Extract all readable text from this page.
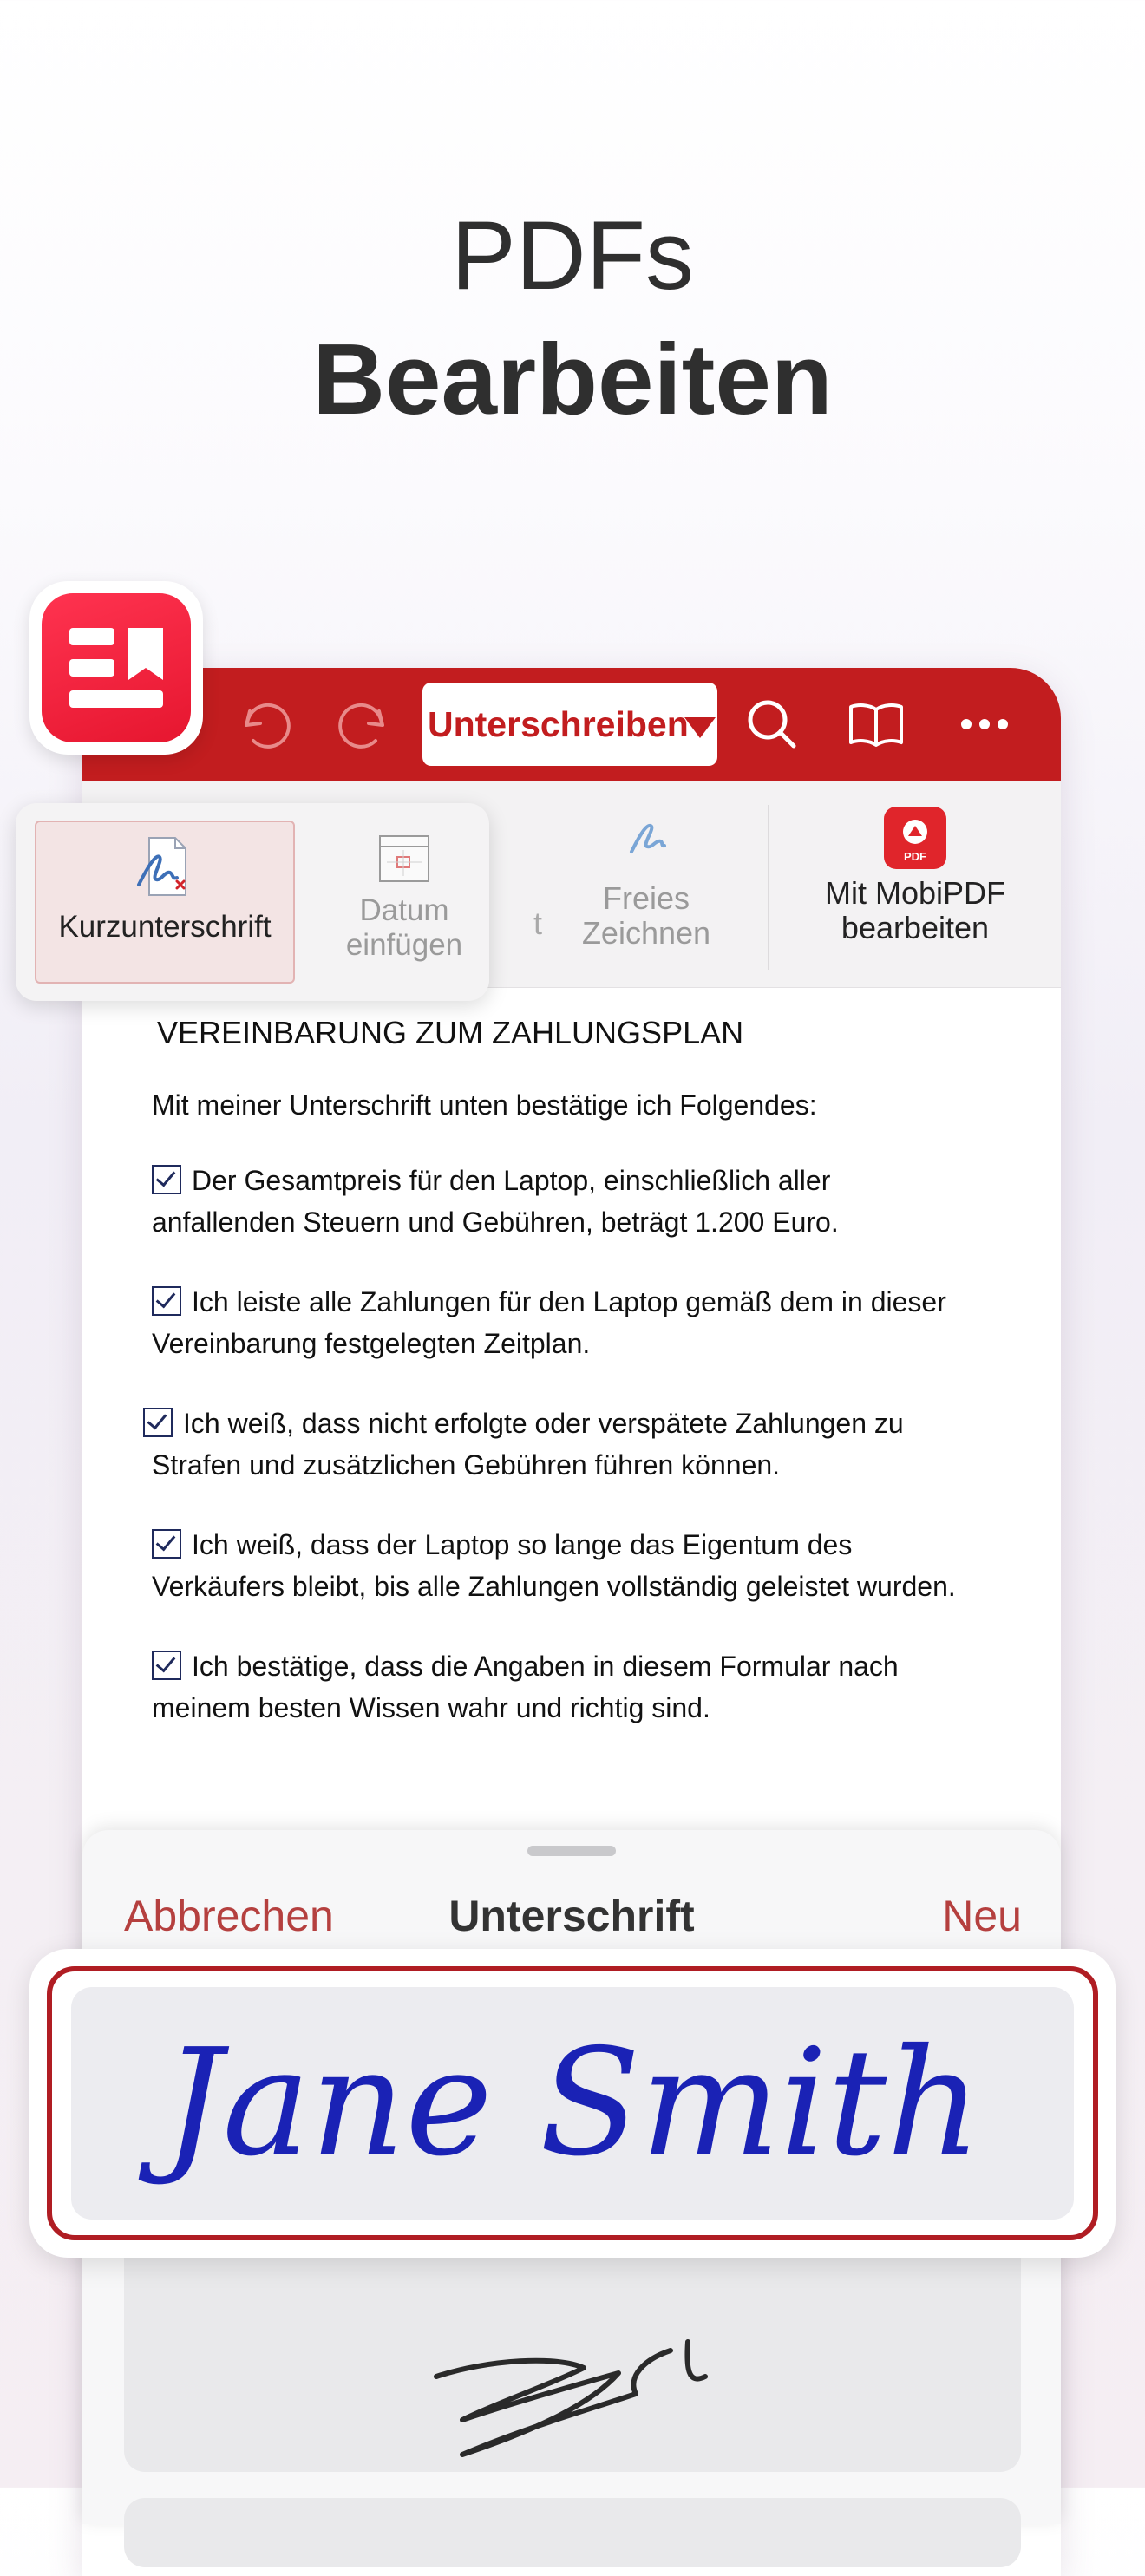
PDFs
Bearbeiten
Unterschreiben
t
Freies
Zeichnen
PDF
Mit MobiPDF
bearbeiten
VEREINBARUNG ZUM ZAHLUNGSPLAN
Mit meiner Unterschrift unten bestätige ich Folgendes:
Der Gesamtpreis für den Laptop, einschließlich aller
anfallenden Steuern und Gebühren, beträgt 1.200 Euro.
Ich leiste alle Zahlungen für den Laptop gemäß dem in dieser
Vereinbarung festgelegten Zeitplan.
Ich weiß, dass nicht erfolgte oder verspätete Zahlungen zu
Strafen und zusätzlichen Gebühren führen können.
Ich weiß, dass der Laptop so lange das Eigentum des
Verkäufers bleibt, bis alle Zahlungen vollständig geleistet wurden.
Ich bestätige, dass die Angaben in diesem Formular nach
meinem besten Wissen wahr und richtig sind.
Abbrechen	Unterschrift	Neu
Jane Smith
Kurzunterschrift	Datum
einfügen
